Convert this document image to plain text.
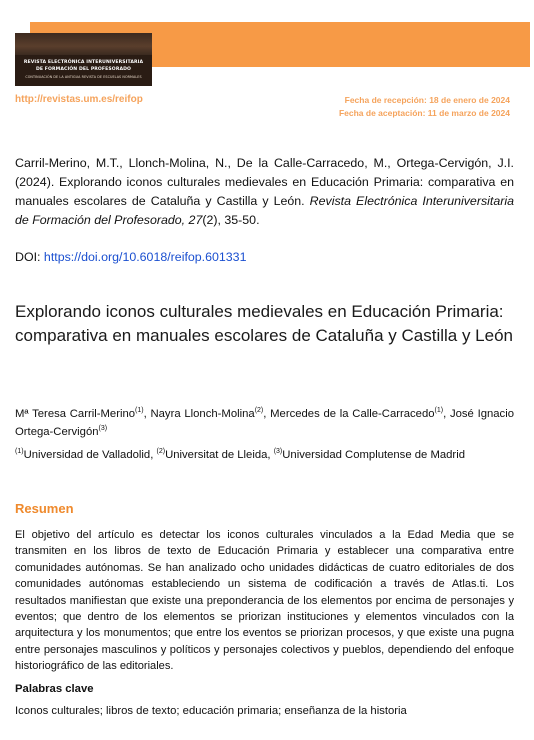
REVISTA ELECTRÓNICA INTERUNIVERSITARIA
DE FORMACIÓN DEL PROFESORADO
CONTINUACIÓN DE LA ANTIGUA REVISTA DE ESCUELAS NORMALES
http://revistas.um.es/reifop	Fecha de recepción: 18 de enero de 2024
Fecha de aceptación: 11 de marzo de 2024

Carril-Merino, M.T., Llonch-Molina, N., De la Calle-Carracedo, M., Ortega-Cervigón, J.I. (2024). Explorando iconos culturales medievales en Educación Primaria: comparativa en manuales escolares de Cataluña y Castilla y León. Revista Electrónica Interuniversitaria de Formación del Profesorado, 27(2), 35-50.

DOI: https://doi.org/10.6018/reifop.601331
Explorando iconos culturales medievales en Educación Primaria: comparativa en manuales escolares de Cataluña y Castilla y León

Mª Teresa Carril-Merino$^{(1)}$, Nayra Llonch-Molina$^{(2)}$, Mercedes de la Calle-Carracedo$^{(1)}$, José Ignacio Ortega-Cervigón$^{(3)}$

$^{(1)}$Universidad de Valladolid, $^{(2)}$Universitat de Lleida, $^{(3)}$Universidad Complutense de Madrid
Resumen

El objetivo del artículo es detectar los iconos culturales vinculados a la Edad Media que se transmiten en los libros de texto de Educación Primaria y establecer una comparativa entre comunidades autónomas. Se han analizado ocho unidades didácticas de cuatro editoriales de dos comunidades autónomas estableciendo un sistema de codificación a través de Atlas.ti. Los resultados manifiestan que existe una preponderancia de los elementos por encima de personajes y eventos; que dentro de los elementos se priorizan instituciones y elementos vinculados con la arquitectura y los monumentos; que entre los eventos se priorizan procesos, y que existe una pugna entre personajes masculinos y políticos y personajes colectivos y pueblos, dependiendo del enfoque historiográfico de las editoriales.

Palabras clave

Iconos culturales; libros de texto; educación primaria; enseñanza de la historia
